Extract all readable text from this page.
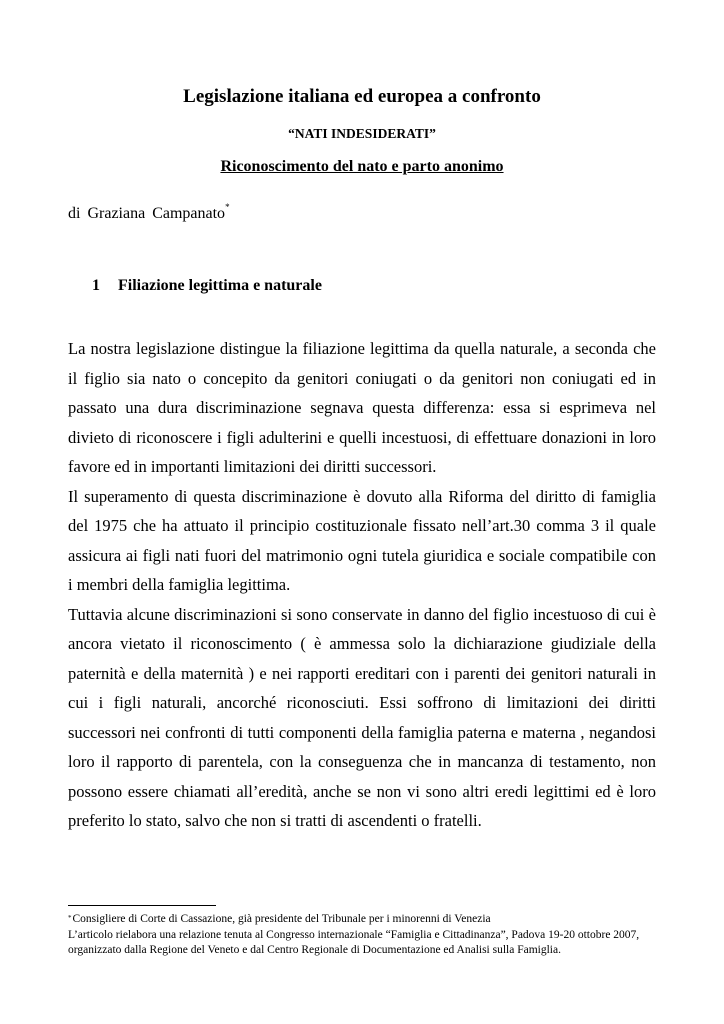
Legislazione italiana ed europea a confronto
“NATI INDESIDERATI”
Riconoscimento del nato e parto anonimo
di Graziana Campanato*
1 Filiazione legittima e naturale

La nostra legislazione distingue la filiazione legittima da quella naturale, a seconda che il figlio sia nato o concepito da genitori coniugati o da genitori non coniugati ed in passato una dura discriminazione segnava questa differenza: essa si esprimeva nel divieto di riconoscere i figli adulterini e quelli incestuosi, di effettuare donazioni in loro favore ed in importanti limitazioni dei diritti successori.

Il superamento di questa discriminazione è dovuto alla Riforma del diritto di famiglia del 1975 che ha attuato il principio costituzionale fissato nell’art.30 comma 3 il quale assicura ai figli nati fuori del matrimonio ogni tutela giuridica e sociale compatibile con i membri della famiglia legittima.

Tuttavia alcune discriminazioni si sono conservate in danno del figlio incestuoso di cui è ancora vietato il riconoscimento ( è ammessa solo la dichiarazione giudiziale della paternità e della maternità ) e nei rapporti ereditari con i parenti dei genitori naturali in cui i figli naturali, ancorché riconosciuti. Essi soffrono di limitazioni dei diritti successori nei confronti di tutti componenti della famiglia paterna e materna , negandosi loro il rapporto di parentela, con la conseguenza che in mancanza di testamento, non possono essere chiamati all’eredità, anche se non vi sono altri eredi legittimi ed è loro preferito lo stato, salvo che non si tratti di ascendenti o fratelli.

*Consigliere di Corte di Cassazione, già presidente del Tribunale per i minorenni di Venezia

L’articolo rielabora una relazione tenuta al Congresso internazionale “Famiglia e Cittadinanza”, Padova 19-20 ottobre 2007, organizzato dalla Regione del Veneto e dal Centro Regionale di Documentazione ed Analisi sulla Famiglia.
